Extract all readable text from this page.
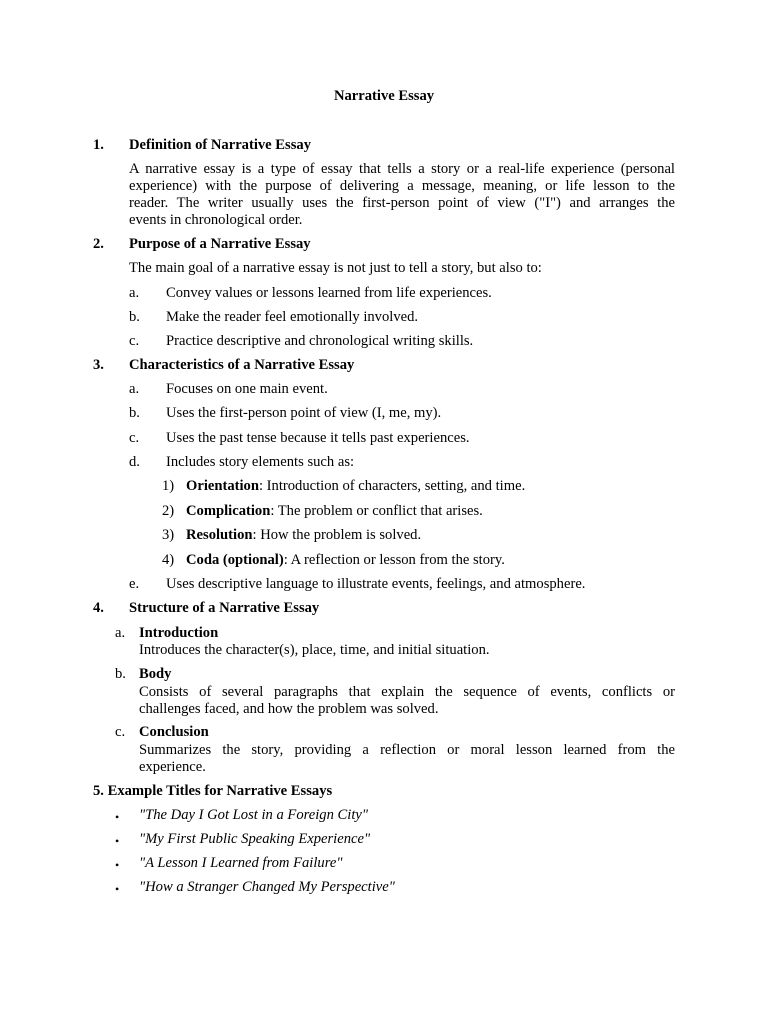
Narrative Essay
1. Definition of Narrative Essay
A narrative essay is a type of essay that tells a story or a real-life experience (personal
experience) with the purpose of delivering a message, meaning, or life lesson to the
reader. The writer usually uses the first-person point of view ("I") and arranges the
events in chronological order.
2. Purpose of a Narrative Essay
The main goal of a narrative essay is not just to tell a story, but also to:
a. Convey values or lessons learned from life experiences.
b. Make the reader feel emotionally involved.
c. Practice descriptive and chronological writing skills.
3. Characteristics of a Narrative Essay
a. Focuses on one main event.
b. Uses the first-person point of view (I, me, my).
c. Uses the past tense because it tells past experiences.
d. Includes story elements such as:
1) Orientation: Introduction of characters, setting, and time.
2) Complication: The problem or conflict that arises.
3) Resolution: How the problem is solved.
4) Coda (optional): A reflection or lesson from the story.
e. Uses descriptive language to illustrate events, feelings, and atmosphere.
4. Structure of a Narrative Essay
a. Introduction
Introduces the character(s), place, time, and initial situation.
b. Body
Consists of several paragraphs that explain the sequence of events, conflicts or
challenges faced, and how the problem was solved.
c. Conclusion
Summarizes the story, providing a reflection or moral lesson learned from the
experience.
5. Example Titles for Narrative Essays
• "The Day I Got Lost in a Foreign City"
• "My First Public Speaking Experience"
• "A Lesson I Learned from Failure"
• "How a Stranger Changed My Perspective"
